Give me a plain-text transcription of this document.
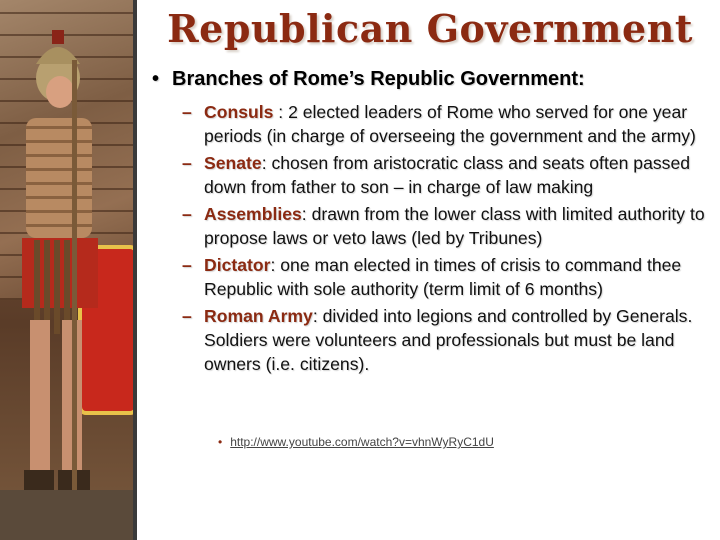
Republican Government
• Branches of Rome’s Republic Government:
– Consuls : 2 elected leaders of Rome who served for one year periods (in charge of overseeing the government and the army)
– Senate: chosen from aristocratic class and seats often passed down from father to son – in charge of law making
– Assemblies: drawn from the lower class with limited authority to propose laws or veto laws (led by Tribunes)
– Dictator: one man elected in times of crisis to command thee Republic with sole authority (term limit of 6 months)
– Roman Army: divided into legions and controlled by Generals. Soldiers were volunteers and professionals but must be land owners (i.e. citizens).
• http://www.youtube.com/watch?v=vhnWyRyC1dU
